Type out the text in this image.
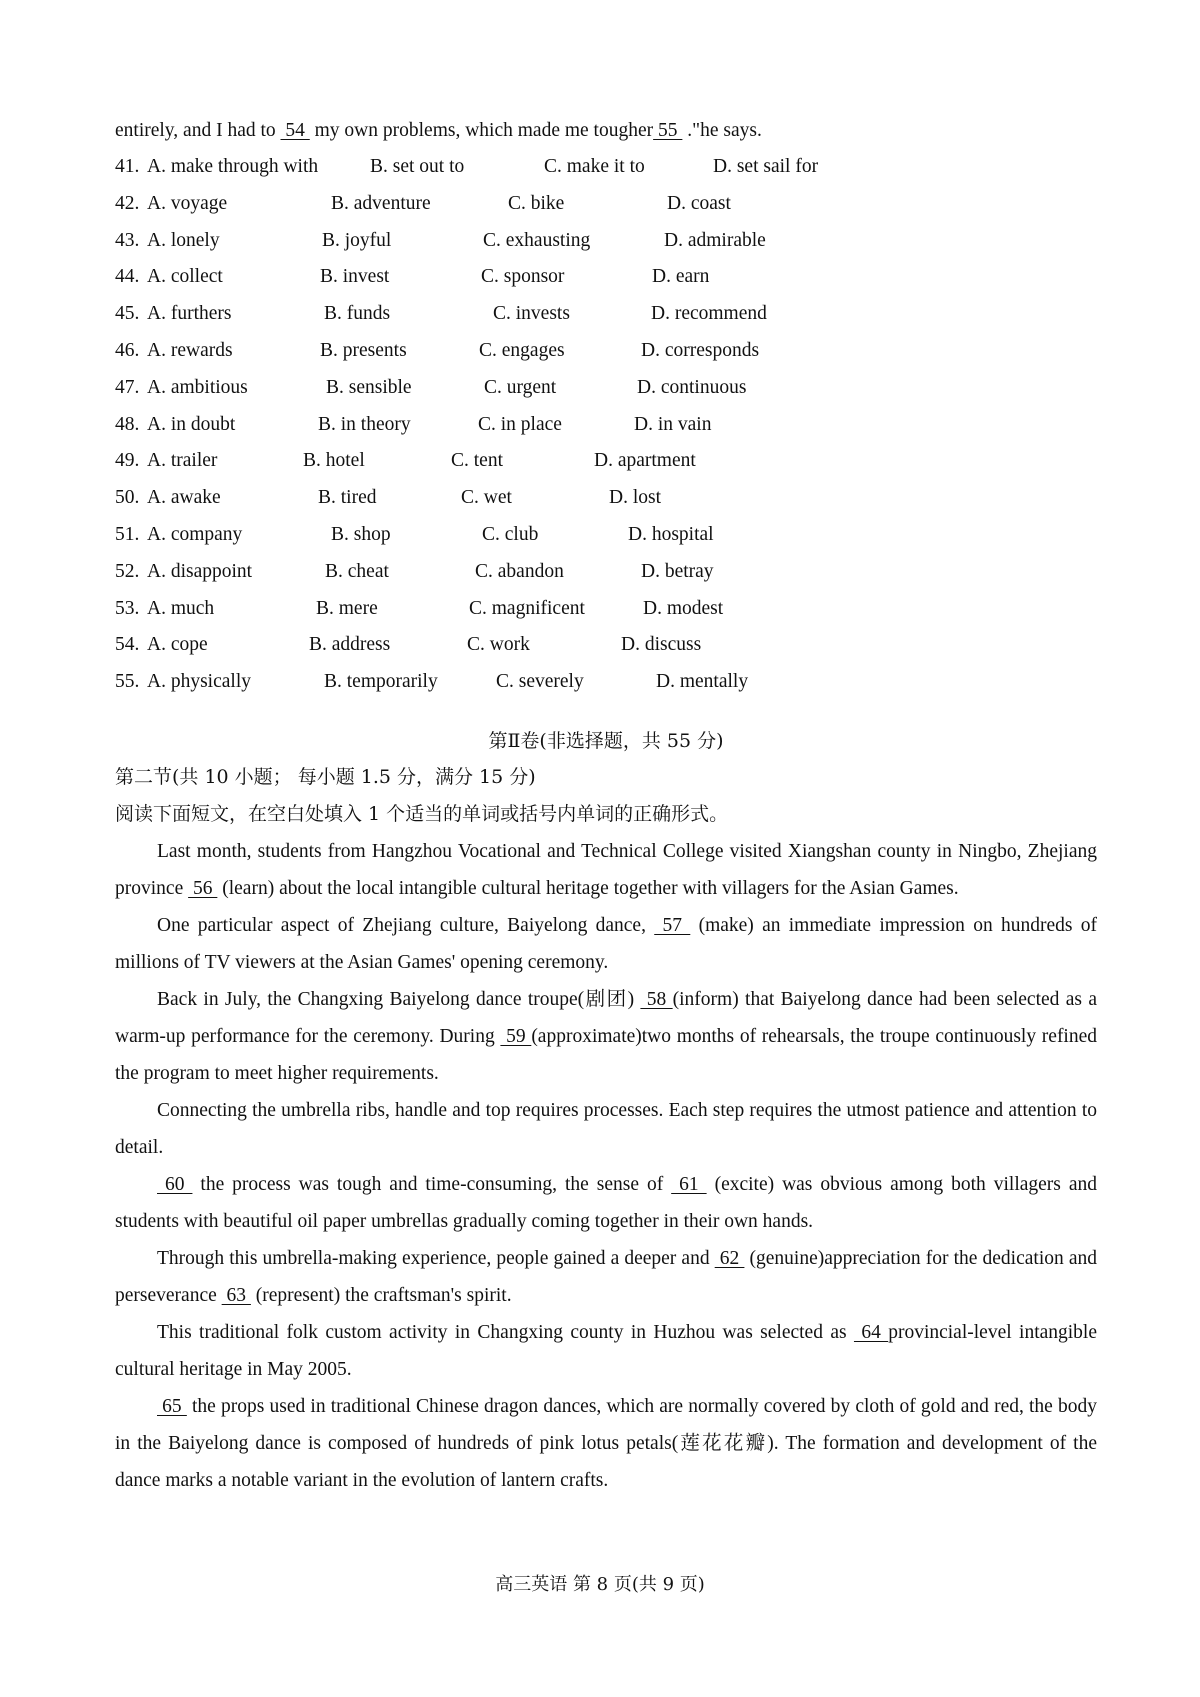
entirely, and I had to  54  my own problems, which made me tougher 55  ."he says.
41. A. make through with	B. set out to	C. make it to	D. set sail for
42. A. voyage	B. adventure	C. bike	D. coast
43. A. lonely	B. joyful	C. exhausting	D. admirable
44. A. collect	B. invest	C. sponsor	D. earn
45. A. furthers	B. funds	C. invests	D. recommend
46. A. rewards	B. presents	C. engages	D. corresponds
47. A. ambitious	B. sensible	C. urgent	D. continuous
48. A. in doubt	B. in theory	C. in place	D. in vain
49. A. trailer	B. hotel	C. tent	D. apartment
50. A. awake	B. tired	C. wet	D. lost
51. A. company	B. shop	C. club	D. hospital
52. A. disappoint	B. cheat	C. abandon	D. betray
53. A. much	B. mere	C. magnificent	D. modest
54. A. cope	B. address	C. work	D. discuss
55. A. physically	B. temporarily	C. severely	D. mentally
第Ⅱ卷(非选择题，共 55 分)
第二节(共 10 小题； 每小题 1.5 分，满分 15 分)
阅读下面短文，在空白处填入 1 个适当的单词或括号内单词的正确形式。
Last month, students from Hangzhou Vocational and Technical College visited Xiangshan county in Ningbo, Zhejiang province  56  (learn) about the local intangible cultural heritage together with villagers for the Asian Games.
One particular aspect of Zhejiang culture, Baiyelong dance,  57  (make) an immediate impression on hundreds of millions of TV viewers at the Asian Games' opening ceremony.
Back in July, the Changxing Baiyelong dance troupe(剧团)  58 (inform) that Baiyelong dance had been selected as a warm-up performance for the ceremony. During  59 (approximate)two months of rehearsals, the troupe continuously refined the program to meet higher requirements.
Connecting the umbrella ribs, handle and top requires processes. Each step requires the utmost patience and attention to detail.
60  the process was tough and time-consuming, the sense of  61  (excite) was obvious among both villagers and students with beautiful oil paper umbrellas gradually coming together in their own hands.
Through this umbrella-making experience, people gained a deeper and  62  (genuine)appreciation for the dedication and perseverance  63  (represent) the craftsman's spirit.
This traditional folk custom activity in Changxing county in Huzhou was selected as  64 provincial-level intangible cultural heritage in May 2005.
65  the props used in traditional Chinese dragon dances, which are normally covered by cloth of gold and red, the body in the Baiyelong dance is composed of hundreds of pink lotus petals(莲花花瓣). The formation and development of the dance marks a notable variant in the evolution of lantern crafts.
高三英语 第 8 页(共 9 页)
